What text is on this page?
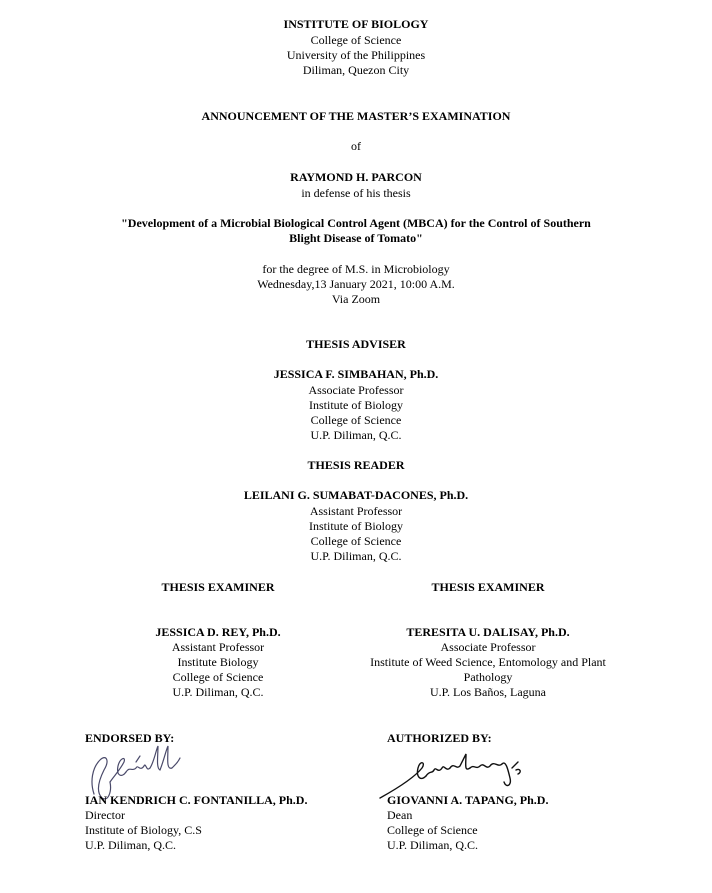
INSTITUTE OF BIOLOGY
College of Science
University of the Philippines
Diliman, Quezon City
ANNOUNCEMENT OF THE MASTER’S EXAMINATION
of
RAYMOND H. PARCON
in defense of his thesis
"Development of a Microbial Biological Control Agent (MBCA) for the Control of Southern
Blight Disease of Tomato"
for the degree of M.S. in Microbiology
Wednesday,13 January 2021, 10:00 A.M.
Via Zoom
THESIS ADVISER
JESSICA F. SIMBAHAN, Ph.D.
Associate Professor
Institute of Biology
College of Science
U.P. Diliman, Q.C.
THESIS READER
LEILANI G. SUMABAT-DACONES, Ph.D.
Assistant Professor
Institute of Biology
College of Science
U.P. Diliman, Q.C.
THESIS EXAMINER
JESSICA D. REY, Ph.D.
Assistant Professor
Institute Biology
College of Science
U.P. Diliman, Q.C.
THESIS EXAMINER
TERESITA U. DALISAY, Ph.D.
Associate Professor
Institute of Weed Science, Entomology and Plant
Pathology
U.P. Los Baños, Laguna
ENDORSED BY:
IAN KENDRICH C. FONTANILLA, Ph.D.
Director
Institute of Biology, C.S
U.P. Diliman, Q.C.
AUTHORIZED BY:
GIOVANNI A. TAPANG, Ph.D.
Dean
College of Science
U.P. Diliman, Q.C.
